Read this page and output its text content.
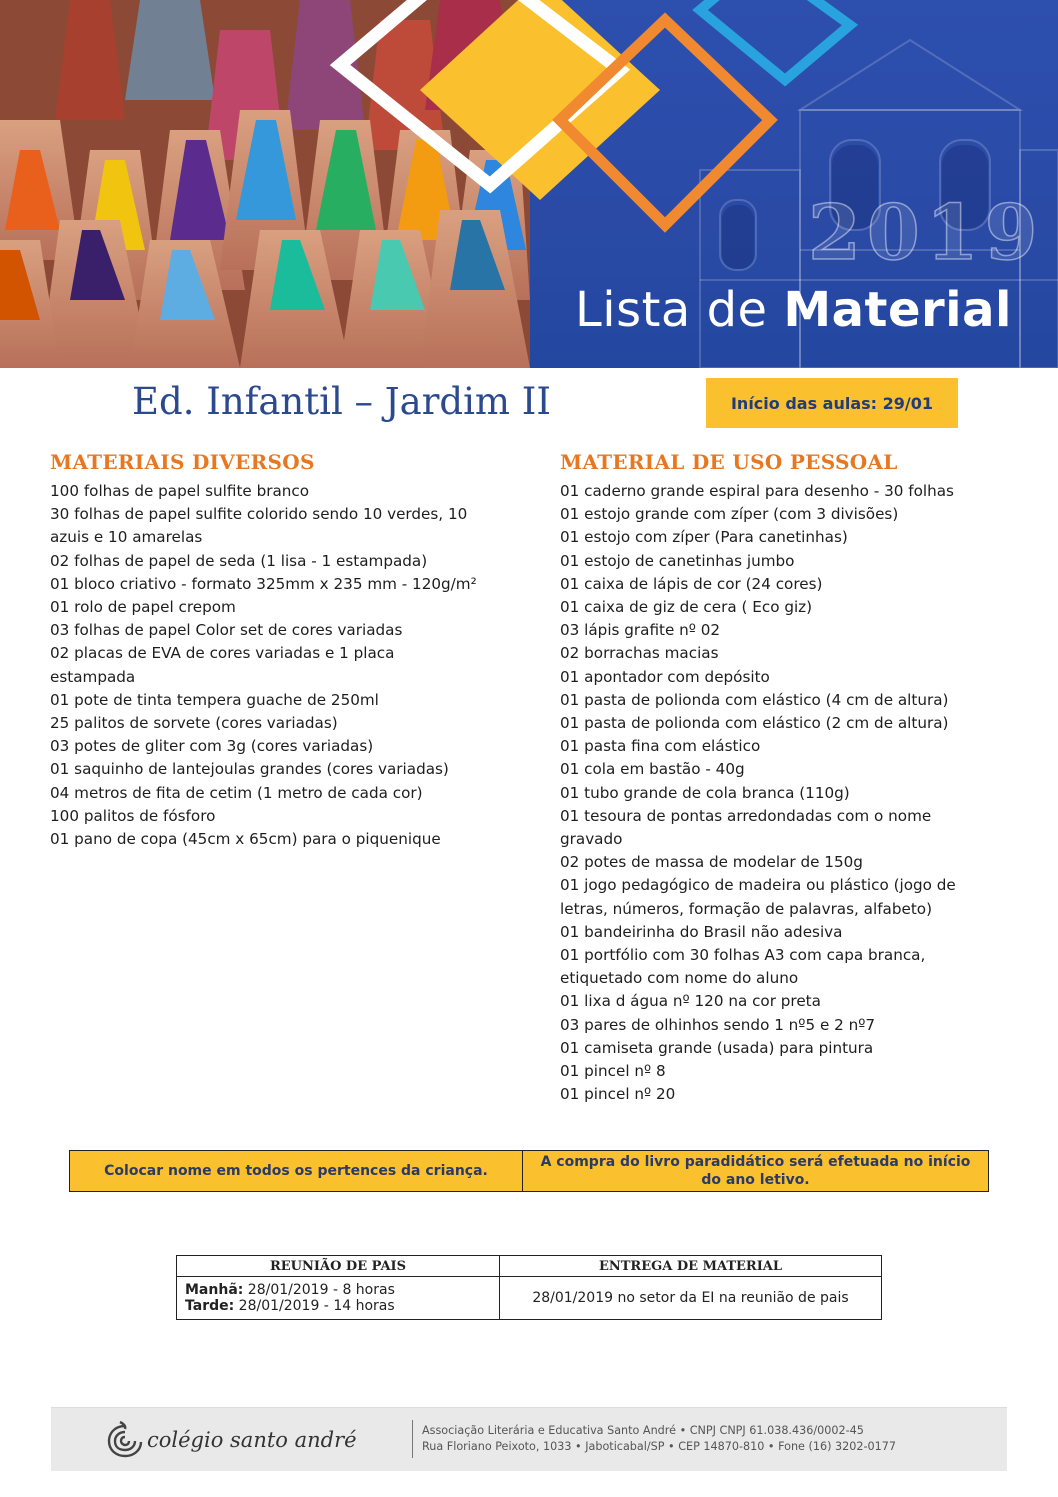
2019
Lista de Material
Ed. Infantil – Jardim II	Início das aulas: 29/01
MATERIAIS DIVERSOS
100 folhas de papel sulfite branco
30 folhas de papel sulfite colorido sendo 10 verdes, 10
azuis e 10 amarelas
02 folhas de papel de seda (1 lisa - 1 estampada)
01 bloco criativo - formato 325mm x 235 mm - 120g/m²
01 rolo de papel crepom
03 folhas de papel Color set de cores variadas
02 placas de EVA de cores variadas e 1 placa
estampada
01 pote de tinta tempera guache de 250ml
25 palitos de sorvete (cores variadas)
03 potes de gliter com 3g (cores variadas)
01 saquinho de lantejoulas grandes (cores variadas)
04 metros de fita de cetim (1 metro de cada cor)
100 palitos de fósforo
01 pano de copa (45cm x 65cm) para o piquenique
MATERIAL DE USO PESSOAL
01 caderno grande espiral para desenho - 30 folhas
01 estojo grande com zíper (com 3 divisões)
01 estojo com zíper (Para canetinhas)
01 estojo de canetinhas jumbo
01 caixa de lápis de cor (24 cores)
01 caixa de giz de cera ( Eco giz)
03 lápis grafite nº 02
02 borrachas macias
01 apontador com depósito
01 pasta de polionda com elástico (4 cm de altura)
01 pasta de polionda com elástico (2 cm de altura)
01 pasta fina com elástico
01 cola em bastão - 40g
01 tubo grande de cola branca (110g)
01 tesoura de pontas arredondadas com o nome
gravado
02 potes de massa de modelar de 150g
01 jogo pedagógico de madeira ou plástico (jogo de
letras, números, formação de palavras, alfabeto)
01 bandeirinha do Brasil não adesiva
01 portfólio com 30 folhas A3 com capa branca,
etiquetado com nome do aluno
01 lixa d água nº 120 na cor preta
03 pares de olhinhos sendo 1 nº5 e 2 nº7
01 camiseta grande (usada) para pintura
01 pincel nº 8
01 pincel nº 20
Colocar nome em todos os pertences da criança.
A compra do livro paradidático será efetuada no início do ano letivo.
REUNIÃO DE PAIS	ENTREGA DE MATERIAL

Manhã: 28/01/2019 - 8 horas
Tarde: 28/01/2019 - 14 horas	28/01/2019 no setor da EI na reunião de pais
colégio santo andré	Associação Literária e Educativa Santo André • CNPJ CNPJ 61.038.436/0002-45
Rua Floriano Peixoto, 1033 • Jaboticabal/SP • CEP 14870-810 • Fone (16) 3202-0177
